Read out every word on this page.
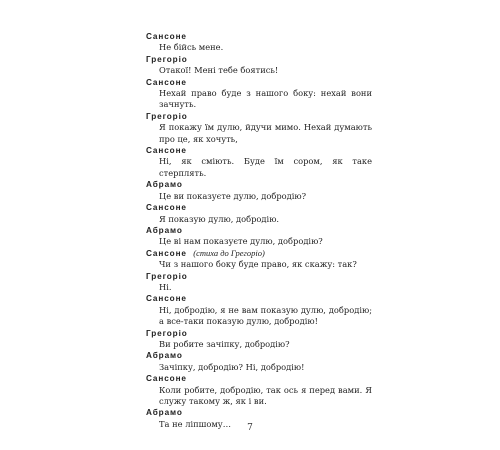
Сансоне
Не бійсь мене.
Грегоріо
Отакої! Мені тебе боятись!
Сансоне
Нехай право буде з нашого боку: нехай вони зачнуть.
Грегоріо
Я покажу їм дулю, йдучи мимо. Нехай думають про це, як хочуть,
Сансоне
Ні, як сміють. Буде їм сором, як таке стерплять.
Абрамо
Це ви показуєте дулю, добродію?
Сансоне
Я показую дулю, добродію.
Абрамо
Це ві нам показуєте дулю, добродію?
Сансоне (стиха до Грегоріо)
Чи з нашого боку буде право, як скажу: так?
Грегоріо
Ні.
Сансоне
Ні, добродію, я не вам показую дулю, добродію; а все-таки показую дулю, добродію!
Грегоріо
Ви робите зачіпку, добродію?
Абрамо
Зачіпку, добродію? Ні, добродію!
Сансоне
Коли робите, добродію, так ось я перед вами. Я служу такому ж, як і ви.
Абрамо
Та не ліпшому…	7
